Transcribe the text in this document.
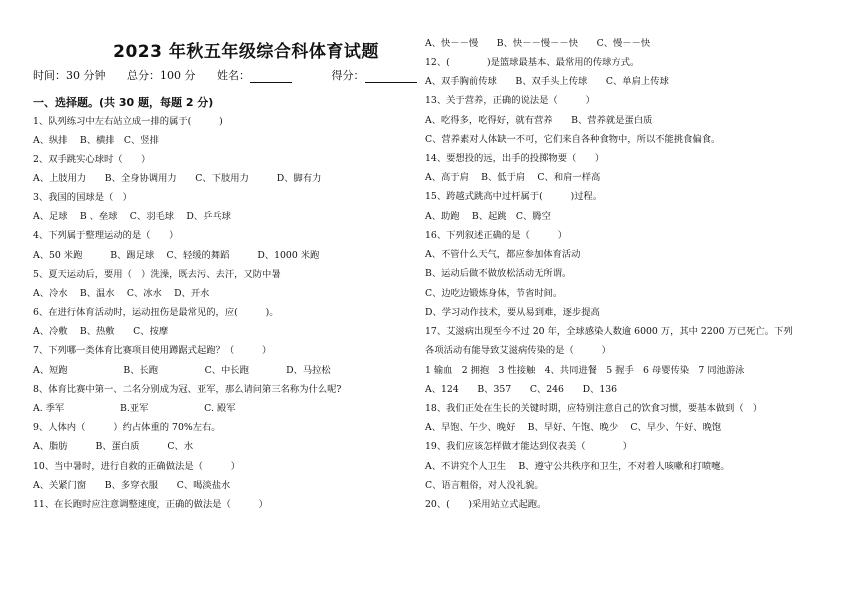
2023 年秋五年级综合科体育试题
时间：30 分钟 总分：100 分 姓名：	得分：
一、选择题。(共 30 题，每题 2 分)
1、队列练习中左右站立成一排的属于(　　　)
A、纵排　 B、横排　C、竖排
2、双手跳实心球时（　　）
A、上肢用力　　B、全身协调用力　　C、下肢用力　　　D、脚有力
3、我国的国球是（　）
A、足球　 B 、垒球　 C、羽毛球　 D、乒乓球
4、下列属于整理运动的是（　　）
A、50 米跑　　　B、踢足球　 C、轻缓的舞蹈　　　D、1000 米跑
5、夏天运动后，要用（　）洗澡，既去污、去汗，又防中暑
A、冷水　 B、温水　 C、冰水　 D、开水
6、在进行体育活动时，运动扭伤是最常见的，应(　　　)。
A、冷敷　 B、热敷　　C、按摩
7、下列哪一类体育比赛项目使用蹲踞式起跑？（　　　）
A、短跑　　　　　　B、长跑　　　　　C、中长跑　　　　D、马拉松
8、体育比赛中第一、二名分别成为冠、亚军，那么请问第三名称为什么呢?
A. 季军　　　　　　B.亚军　　　　　　C. 殿军
9、人体内（　　　）约占体重的 70%左右。
A、脂肪　　　B、蛋白质　　　C、水
10、当中暑时，进行自救的正确做法是（　　　）
A、关紧门窗　　B、多穿衣服　　C、喝淡盐水
11、在长跑时应注意调整速度，正确的做法是（　　　）
A、快－－慢　　B、快－－慢－－快　　C、慢－－快
12、(　　　　)是篮球最基本、最常用的传球方式。
A、双手胸前传球　　B、双手头上传球　　C、单肩上传球
13、关于营养，正确的说法是（　　　）
A、吃得多，吃得好，就有营养　　B、营养就是蛋白质
C、营养素对人体缺一不可，它们来自各种食物中，所以不能挑食偏食。
14、要想投的远，出手的投掷物要（　　）
A、高于肩　 B、低于肩　 C、和肩一样高
15、跨越式跳高中过杆属于(　　　)过程。
A、助跑　 B、起跳　C、腾空
16、下列叙述正确的是（　　　）
A、不管什么天气，都应参加体育活动
B、运动后做不做放松活动无所谓。
C、边吃边锻炼身体，节省时间。
D、学习动作技术，要从易到难，逐步提高
17、艾滋病出现至今不过 20 年，全球感染人数逾 6000 万，其中 2200 万已死亡。下列
各项活动有能导致艾滋病传染的是（　　　）
1 输血　2 拥抱　3 性接触　4、共同进餐　5 握手　6 母婴传染　7 同池游泳
A、124　　B、357　　C、246　　D、136
18、我们正处在生长的关键时期，应特别注意自己的饮食习惯，要基本做到（　）
A、早饱、午少、晚好　 B、早好、午饱、晚少　 C、早少、午好、晚饱
19、我们应该怎样做才能达到仪表美（　　　　）
A、不讲究个人卫生　 B、遵守公共秩序和卫生，不对着人咳嗽和打喷嚏。
C、语言粗俗，对人没礼貌。
20、(　　)采用站立式起跑。
